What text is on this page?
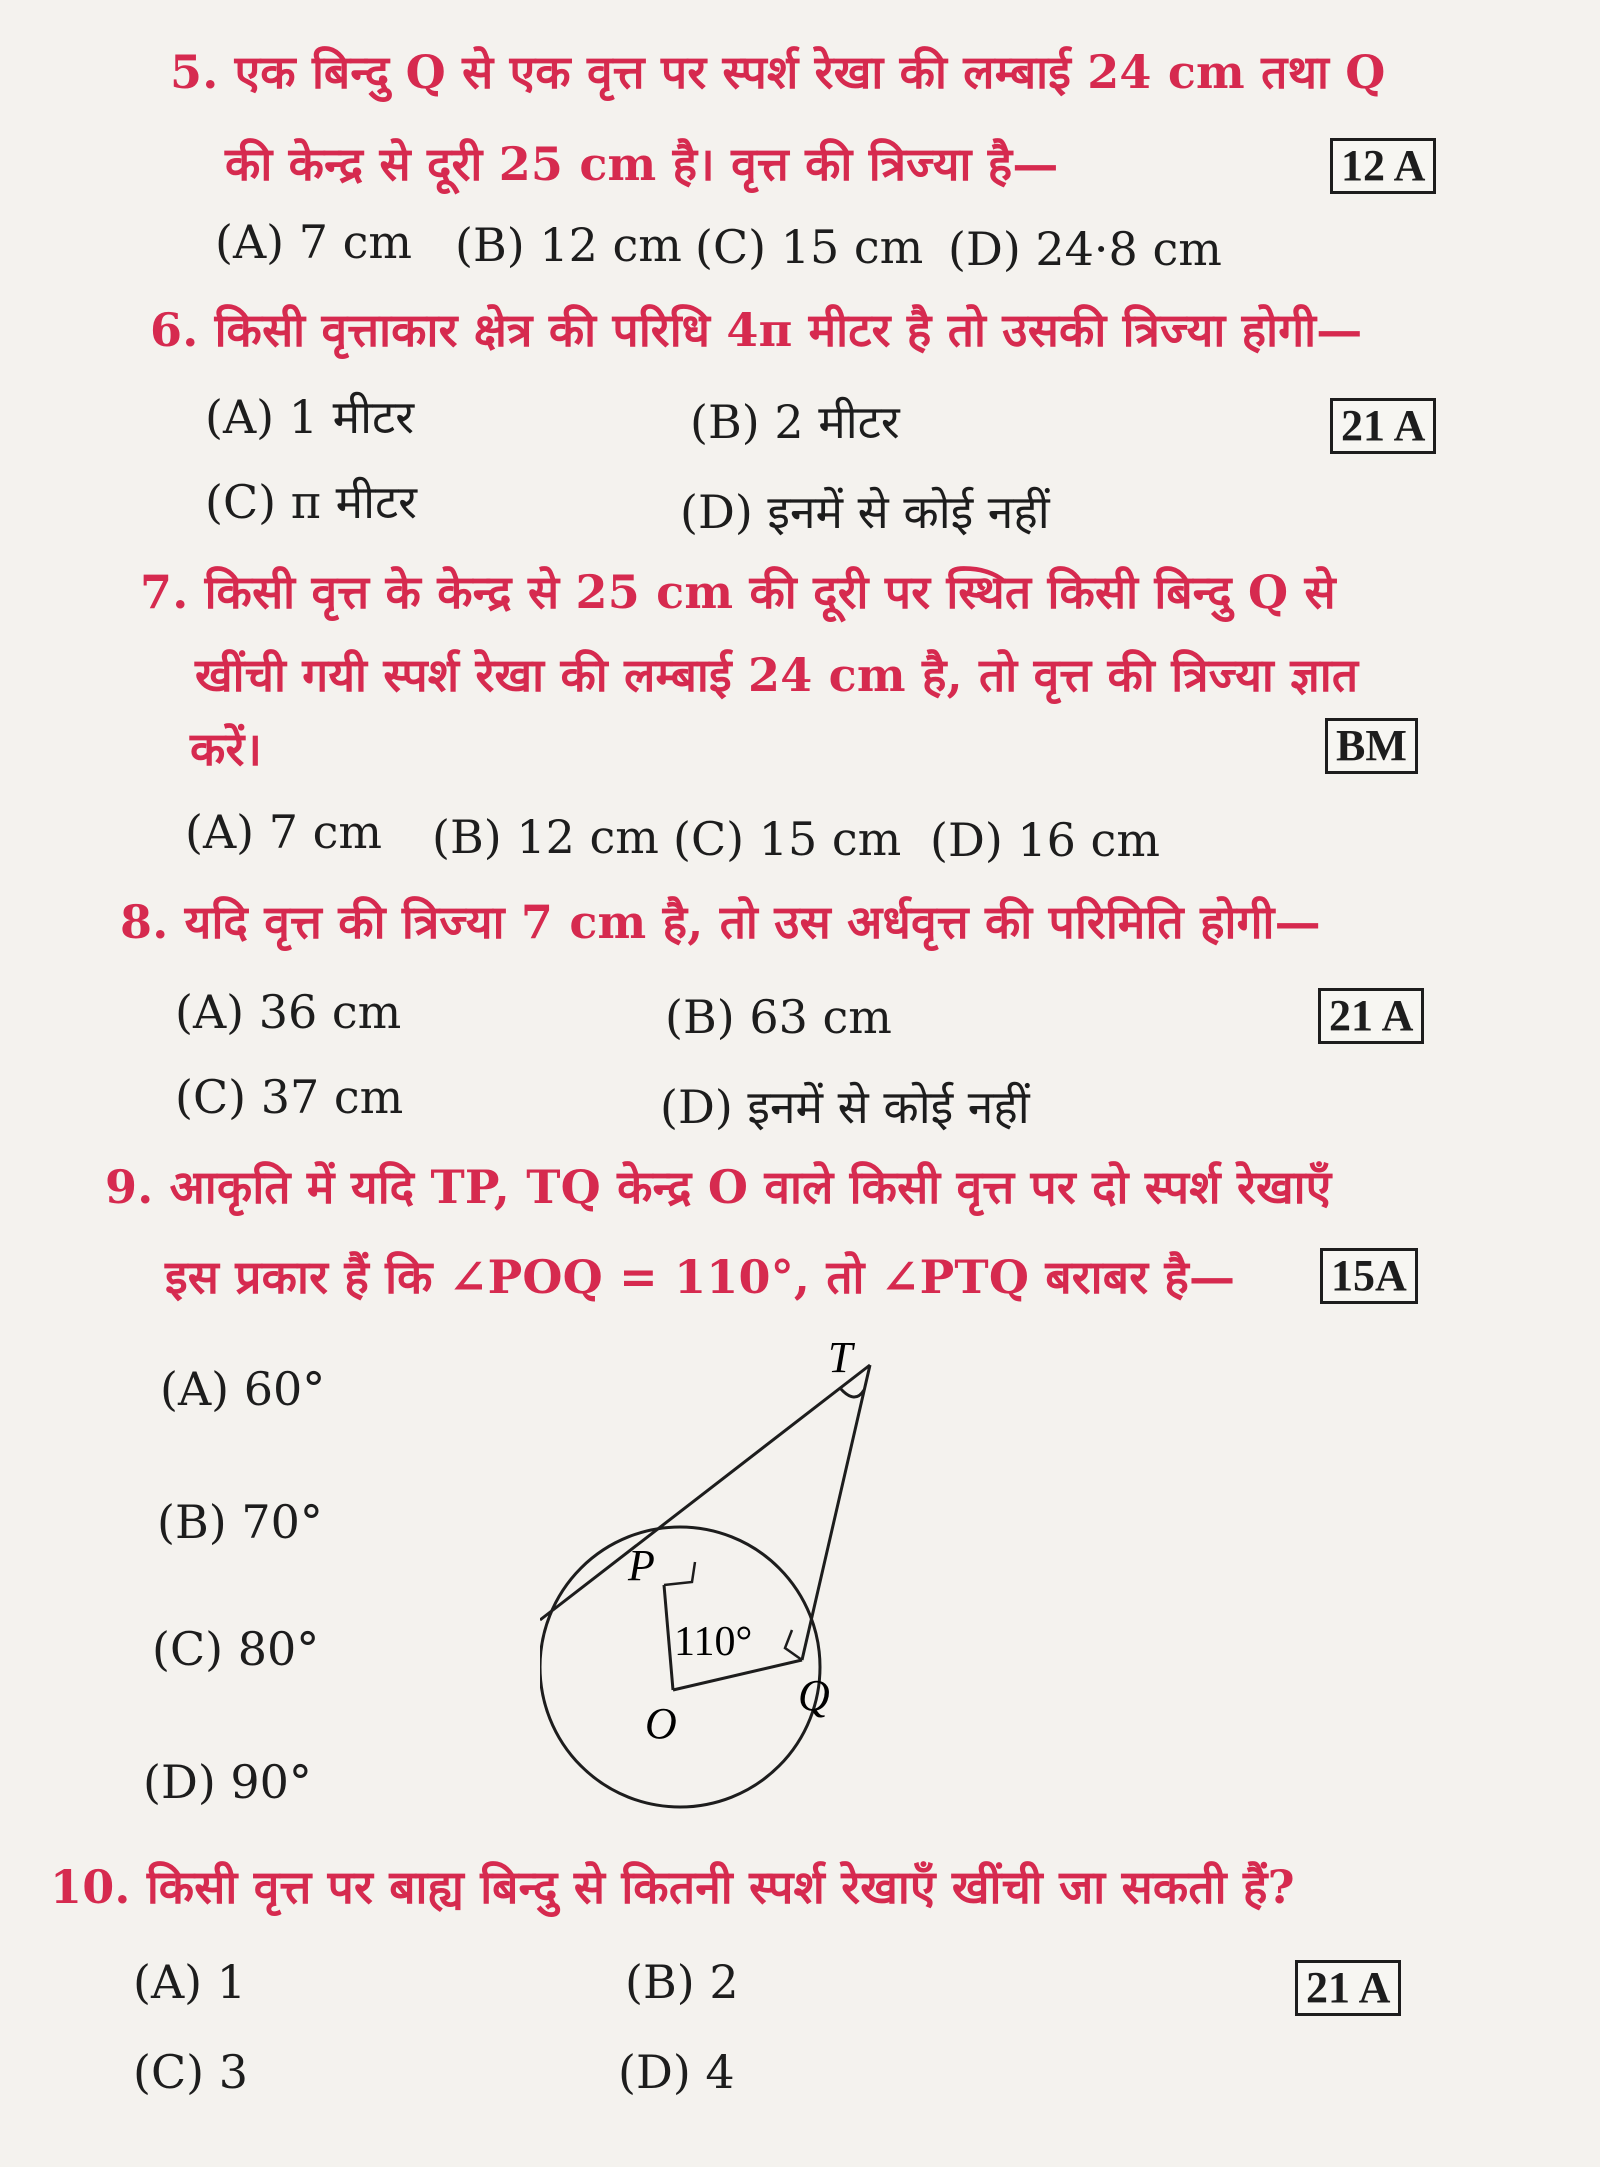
5. एक बिन्दु Q से एक वृत्त पर स्पर्श रेखा की लम्बाई 24 cm तथा Q
की केन्द्र से दूरी 25 cm है। वृत्त की त्रिज्या है—	12 A
(A) 7 cm (B) 12 cm (C) 15 cm (D) 24·8 cm
6. किसी वृत्ताकार क्षेत्र की परिधि 4π मीटर है तो उसकी त्रिज्या होगी—
21 A
(A) 1 मीटर	(B) 2 मीटर
(C) π मीटर	(D) इनमें से कोई नहीं
7. किसी वृत्त के केन्द्र से 25 cm की दूरी पर स्थित किसी बिन्दु Q से
खींची गयी स्पर्श रेखा की लम्बाई 24 cm है, तो वृत्त की त्रिज्या ज्ञात
करें।	BM
(A) 7 cm (B) 12 cm (C) 15 cm (D) 16 cm
8. यदि वृत्त की त्रिज्या 7 cm है, तो उस अर्धवृत्त की परिमिति होगी—
21 A
(A) 36 cm	(B) 63 cm
(C) 37 cm	(D) इनमें से कोई नहीं
9. आकृति में यदि TP, TQ केन्द्र O वाले किसी वृत्त पर दो स्पर्श रेखाएँ
इस प्रकार हैं कि ∠POQ = 110°, तो ∠PTQ बराबर है— 15A
(A) 60°
(B) 70°
(C) 80°
(D) 90°
T
P
Q
O
110°
10. किसी वृत्त पर बाह्य बिन्दु से कितनी स्पर्श रेखाएँ खींची जा सकती हैं?
21 A
(A) 1	(B) 2
(C) 3	(D) 4
